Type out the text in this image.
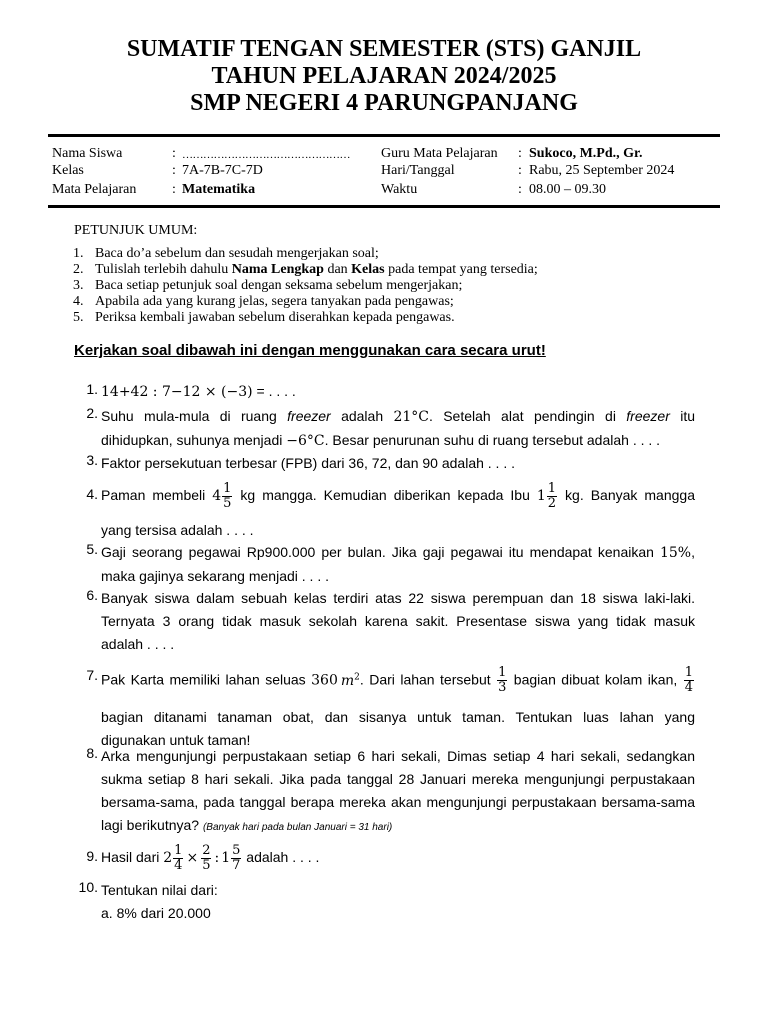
SUMATIF TENGAN SEMESTER (STS) GANJIL
TAHUN PELAJARAN 2024/2025
SMP NEGERI 4 PARUNGPANJANG
Nama Siswa	: ………………………………………… Guru Mata Pelajaran : Sukoco, M.Pd., Gr.
Kelas	: 7A-7B-7C-7D	Hari/Tanggal	: Rabu, 25 September 2024
Mata Pelajaran	: Matematika	Waktu	: 08.00 – 09.30
PETUNJUK UMUM:
1. Baca do’a sebelum dan sesudah mengerjakan soal;
2. Tulislah terlebih dahulu Nama Lengkap dan Kelas pada tempat yang tersedia;
3. Baca setiap petunjuk soal dengan seksama sebelum mengerjakan;
4. Apabila ada yang kurang jelas, segera tanyakan pada pengawas;
5. Periksa kembali jawaban sebelum diserahkan kepada pengawas.
Kerjakan soal dibawah ini dengan menggunakan cara secara urut!
1. 14+42 : 7−12 × (−3) = . . . .
2. Suhu mula-mula di ruang freezer adalah 21°C. Setelah alat pendingin di freezer itu
dihidupkan, suhunya menjadi −6°C. Besar penurunan suhu di ruang tersebut adalah . . . .
3. Faktor persekutuan terbesar (FPB) dari 36, 72, dan 90 adalah . . . .
4. Paman membeli $4 \frac{1}{5}$ kg mangga. Kemudian diberikan kepada Ibu $1 \frac{1}{2}$ kg. Banyak mangga
yang tersisa adalah . . . .
5. Gaji seorang pegawai Rp900.000 per bulan. Jika gaji pegawai itu mendapat kenaikan 15%,
maka gajinya sekarang menjadi . . . .
6. Banyak siswa dalam sebuah kelas terdiri atas 22 siswa perempuan dan 18 siswa laki-laki.
Ternyata 3 orang tidak masuk sekolah karena sakit. Presentase siswa yang tidak masuk
adalah . . . .
7. Pak Karta memiliki lahan seluas 360 $m^2$. Dari lahan tersebut $\frac{1}{3}$ bagian dibuat kolam ikan, $\frac{1}{4}$
bagian ditanami tanaman obat, dan sisanya untuk taman. Tentukan luas lahan yang
digunakan untuk taman!
8. Arka mengunjungi perpustakaan setiap 6 hari sekali, Dimas setiap 4 hari sekali, sedangkan
sukma setiap 8 hari sekali. Jika pada tanggal 28 Januari mereka mengunjungi perpustakaan
bersama-sama, pada tanggal berapa mereka akan mengunjungi perpustakaan bersama-sama
lagi berikutnya? (Banyak hari pada bulan Januari = 31 hari)
9. Hasil dari $2 \frac{1}{4} \times \frac{2}{5}$ : $1 \frac{5}{7}$ adalah . . . .
10. Tentukan nilai dari:
a. 8% dari 20.000
